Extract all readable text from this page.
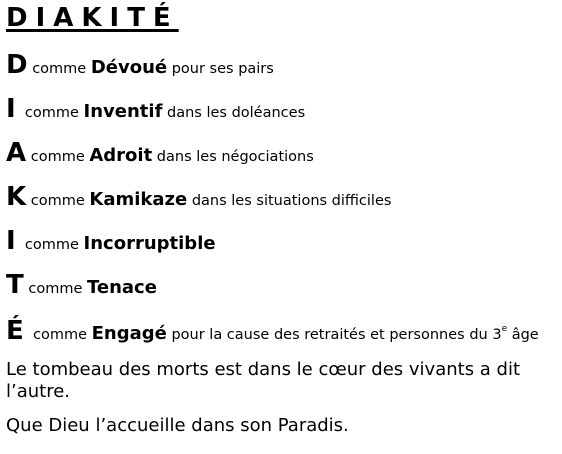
DIAKITÉ
D comme Dévoué pour ses pairs
I  comme Inventif dans les doléances
A comme Adroit dans les négociations
K comme Kamikaze dans les situations difficiles
I  comme Incorruptible
T comme Tenace
É  comme Engagé pour la cause des retraités et personnes du 3e âge
Le tombeau des morts est dans le cœur des vivants a dit l’autre.
Que Dieu l’accueille dans son Paradis.
